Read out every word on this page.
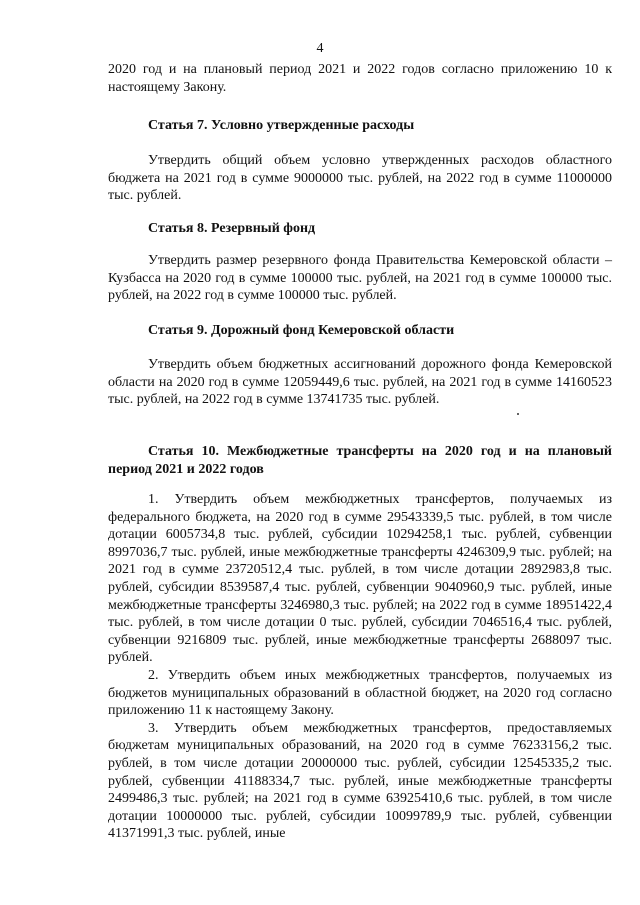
4

2020 год и на плановый период 2021 и 2022 годов согласно приложению 10 к настоящему Закону.

Статья 7. Условно утвержденные расходы

Утвердить общий объем условно утвержденных расходов областного бюджета на 2021 год в сумме 9000000 тыс. рублей, на 2022 год в сумме 11000000 тыс. рублей.

Статья 8. Резервный фонд

Утвердить размер резервного фонда Правительства Кемеровской области – Кузбасса на 2020 год в сумме 100000 тыс. рублей, на 2021 год в сумме 100000 тыс. рублей, на 2022 год в сумме 100000 тыс. рублей.

Статья 9. Дорожный фонд Кемеровской области

Утвердить объем бюджетных ассигнований дорожного фонда Кемеровской области на 2020 год в сумме 12059449,6 тыс. рублей, на 2021 год в сумме 14160523 тыс. рублей, на 2022 год в сумме 13741735 тыс. рублей.

Статья 10. Межбюджетные трансферты на 2020 год и на плановый период 2021 и 2022 годов

1. Утвердить объем межбюджетных трансфертов, получаемых из федерального бюджета, на 2020 год в сумме 29543339,5 тыс. рублей, в том числе дотации 6005734,8 тыс. рублей, субсидии 10294258,1 тыс. рублей, субвенции 8997036,7 тыс. рублей, иные межбюджетные трансферты 4246309,9 тыс. рублей; на 2021 год в сумме 23720512,4 тыс. рублей, в том числе дотации 2892983,8 тыс. рублей, субсидии 8539587,4 тыс. рублей, субвенции 9040960,9 тыс. рублей, иные межбюджетные трансферты 3246980,3 тыс. рублей; на 2022 год в сумме 18951422,4 тыс. рублей, в том числе дотации 0 тыс. рублей, субсидии 7046516,4 тыс. рублей, субвенции 9216809 тыс. рублей, иные межбюджетные трансферты 2688097 тыс. рублей.

2. Утвердить объем иных межбюджетных трансфертов, получаемых из бюджетов муниципальных образований в областной бюджет, на 2020 год согласно приложению 11 к настоящему Закону.

3. Утвердить объем межбюджетных трансфертов, предоставляемых бюджетам муниципальных образований, на 2020 год в сумме 76233156,2 тыс. рублей, в том числе дотации 20000000 тыс. рублей, субсидии 12545335,2 тыс. рублей, субвенции 41188334,7 тыс. рублей, иные межбюджетные трансферты 2499486,3 тыс. рублей; на 2021 год в сумме 63925410,6 тыс. рублей, в том числе дотации 10000000 тыс. рублей, субсидии 10099789,9 тыс. рублей, субвенции 41371991,3 тыс. рублей, иные
